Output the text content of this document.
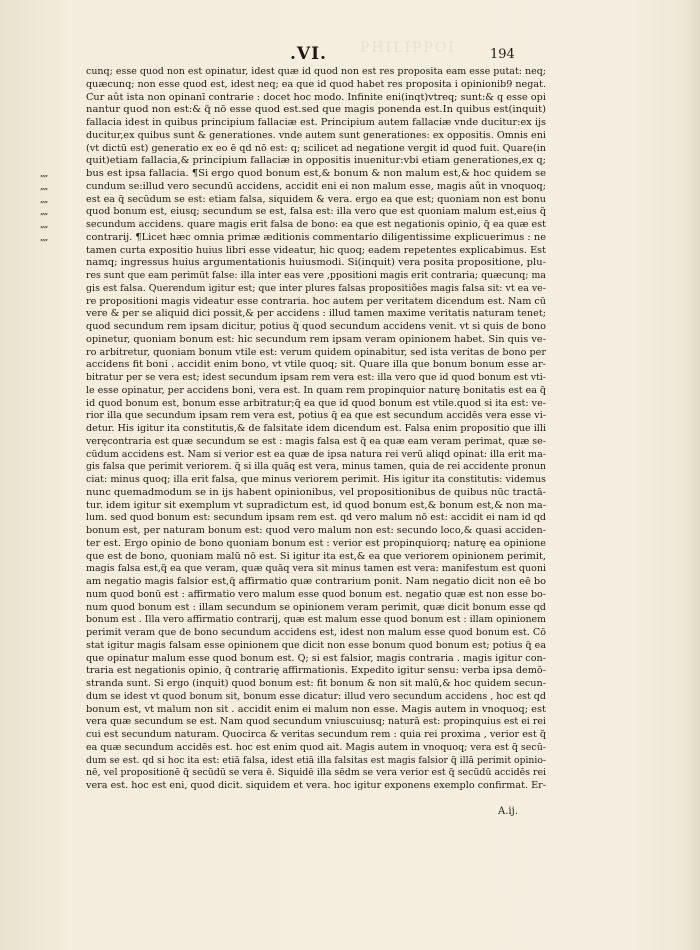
PHILIPPOI
.VI.	194
cunq; esse quod non est opinatur, idest quæ id quod non est res proposita eam esse putat: neq;
quæcunq; non esse quod est, idest neq; ea que id quod habet res proposita i opinionib9 negat.
Cur aût ista non opinanī contrarie : docet hoc modo. Infinite eni(inqt)vtreq; sunt:& q esse opi
nantur quod non est:& q̃ nō esse quod est.sed que magis ponenda est.In quibus est(inquit)
fallacia idest in quibus principium fallaciæ est. Principium autem fallaciæ vnde ducitur:ex ijs
ducitur,ex quibus sunt & generationes. vnde autem sunt generationes: ex oppositis. Omnis eni
(vt dictū est) generatio ex eo ē qd nō est: q; scilicet ad negatione vergit id quod fuit. Quare(in
quit)etiam fallacia,& principium fallaciæ in oppositis inuenitur:vbi etiam generationes,ex q;
„„	bus est ipsa fallacia. ¶Si ergo quod bonum est,& bonum & non malum est,& hoc quidem se
„„	cundum se:illud vero secundū accidens, accidit eni ei non malum esse, magis aût in vnoquoq;
„„	est ea q̃ secūdum se est: etiam falsa, siquidem & vera. ergo ea que est; quoniam non est bonu
„„	quod bonum est, eiusq; secundum se est, falsa est: illa vero que est quoniam malum est,eius q̃
„„	secundum accidens. quare magis erit falsa de bono: ea que est negationis opinio, q̃ ea quæ est
„„	contrarij. ¶Licet hæc omnia primæ æditionis commentario diligentissime explicuerimus : ne
tamen curta expositio huius libri esse videatur, hic quoq; eadem repetentes explicabimus. Est
namq; ingressus huius argumentationis huiusmodi. Si(inquit) vera posita propositione, plu-
res sunt que eam perimūt false: illa inter eas vere ,ppositioni magis erit contraria; quæcunq; ma
gis est falsa. Querendum igitur est; que inter plures falsas propositiões magis falsa sit: vt ea ve-
re propositioni magis videatur esse contraria. hoc autem per veritatem dicendum est. Nam cū
vere & per se aliquid dici possit,& per accidens : illud tamen maxime veritatis naturam tenet;
quod secundum rem ipsam dicitur, potius q̃ quod secundum accidens venit. vt si quis de bono
opinetur, quoniam bonum est: hic secundum rem ipsam veram opinionem habet. Sin quis ve-
ro arbitretur, quoniam bonum vtile est: verum quidem opinabitur, sed ista veritas de bono per
accidens fit boni . accidit enim bono, vt vtile quoq; sit. Quare illa que bonum bonum esse ar-
bitratur per se vera est; idest secundum ipsam rem vera est: illa vero que id quod bonum est vti-
le esse opinatur, per accidens boni, vera est. In quam rem propinquior naturę bonitatis est ea q̃
id quod bonum est, bonum esse arbitratur;q̃ ea que id quod bonum est vtile.quod si ita est: ve-
rior illa que secundum ipsam rem vera est, potius q̃ ea que est secundum accidēs vera esse vi-
detur. His igitur ita constitutis,& de falsitate idem dicendum est. Falsa enim propositio que illi
veręcontraria est quæ secundum se est : magis falsa est q̃ ea quæ eam veram perimat, quæ se-
cūdum accidens est. Nam si verior est ea quæ de ipsa natura rei verū aliqd opinat: illa erit ma-
gis falsa que perimit veriorem. q̃ si illa quāq est vera, minus tamen, quia de rei accidente pronun
ciat: minus quoq; illa erit falsa, que minus veriorem perimit. His igitur ita constitutis: videmus
nunc quemadmodum se in ijs habent opinionibus, vel propositionibus de quibus nūc tractā-
tur. idem igitur sit exemplum vt supradictum est, id quod bonum est,& bonum est,& non ma-
lum. sed quod bonum est: secundum ipsam rem est. qd vero malum nō est: accidit ei nam id qd
bonum est, per naturam bonum est: quod vero malum non est: secundo loco,& quasi acciden-
ter est. Ergo opinio de bono quoniam bonum est : verior est propinquiorq; naturę ea opinione
que est de bono, quoniam malū nō est. Si igitur ita est,& ea que veriorem opinionem perimit,
magis falsa est,q̃ ea que veram, quæ quāq vera sit minus tamen est vera: manifestum est quoni
am negatio magis falsior est,q̃ affirmatio quæ contrarium ponit. Nam negatio dicit non eē bo
num quod bonū est : affirmatio vero malum esse quod bonum est. negatio quæ est non esse bo-
num quod bonum est : illam secundum se opinionem veram perimit, quæ dicit bonum esse qd
bonum est . Illa vero affirmatio contrarij, quæ est malum esse quod bonum est : illam opinionem
perimit veram que de bono secundum accidens est, idest non malum esse quod bonum est. Cō
stat igitur magis falsam esse opinionem que dicit non esse bonum quod bonum est; potius q̃ ea
que opinatur malum esse quod bonum est. Q; si est falsior, magis contraria . magis igitur con-
traria est negationis opinio, q̃ contrarię affirmationis. Expedito igitur sensu: verba ipsa demō-
stranda sunt. Si ergo (inquit) quod bonum est: fit bonum & non sit malū,& hoc quidem secun-
dum se idest vt quod bonum sit, bonum esse dicatur: illud vero secundum accidens , hoc est qd
bonum est, vt malum non sit . accidit enim ei malum non esse. Magis autem in vnoquoq; est
vera quæ secundum se est. Nam quod secundum vniuscuiusq; naturā est: propinquius est ei rei
cui est secundum naturam. Quocirca & veritas secundum rem : quia rei proxima , verior est q̃
ea quæ secundum accidēs est. hoc est enim quod ait. Magis autem in vnoquoq; vera est q̃ secū-
dum se est. qd si hoc ita est: etiā falsa, idest etiā illa falsitas est magis falsior q̃ illā perimit opinio-
nē, vel propositionē q̃ secūdū se vera ē. Siquidē illa sēdm se vera verior est q̃ secūdū accidēs rei
vera est. hoc est eni, quod dicit. siquidem et vera. hoc igitur exponens exemplo confirmat. Er-
A.ij.
